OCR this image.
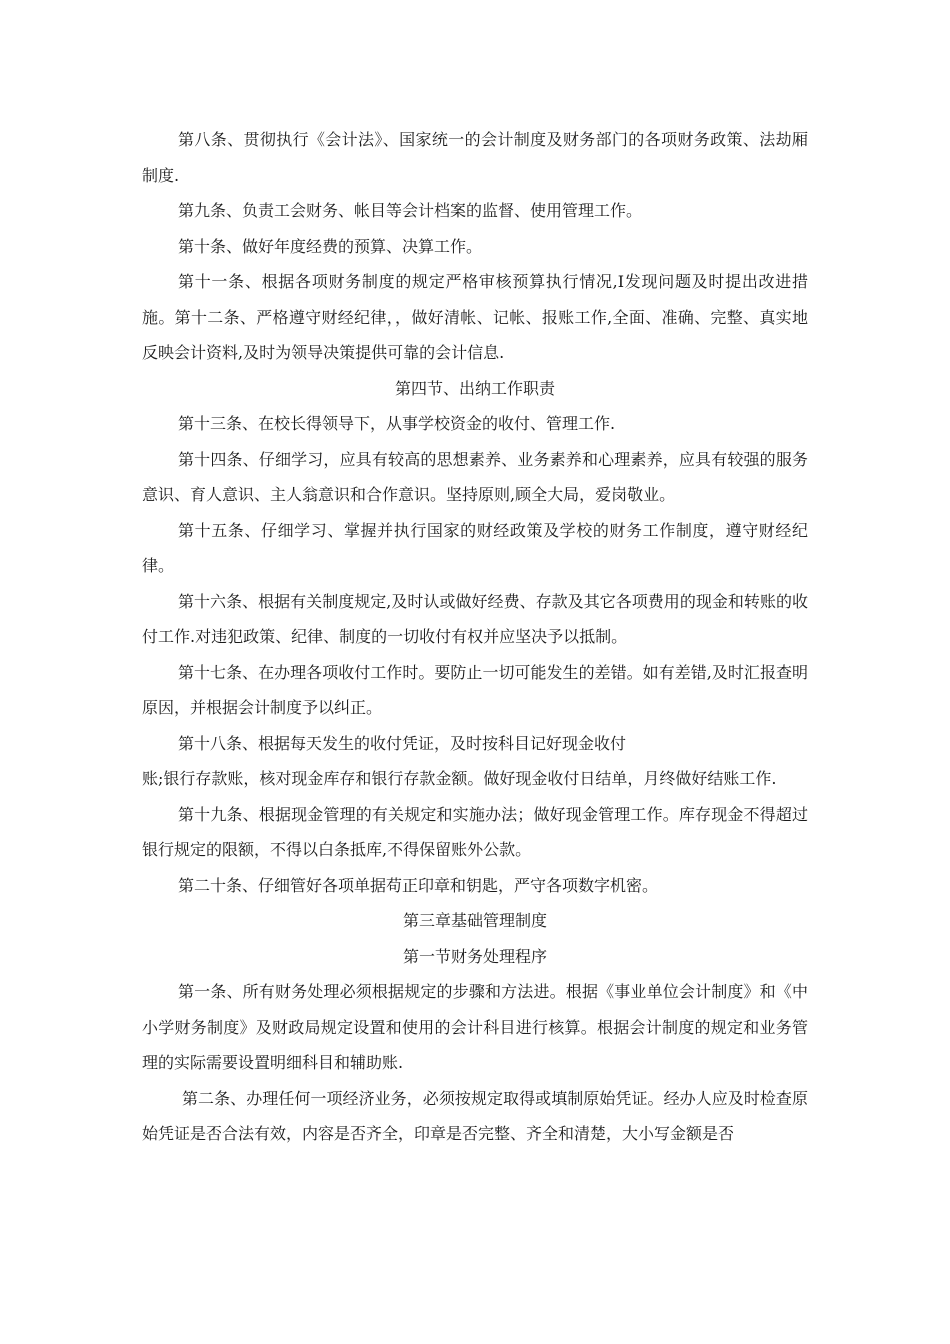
第八条、贯彻执行《会计法》、国家统一的会计制度及财务部门的各项财务政策、法劫厢制度.

第九条、负责工会财务、帐目等会计档案的监督、使用管理工作。

第十条、做好年度经费的预算、决算工作。

第十一条、根据各项财务制度的规定严格审核预算执行情况,I发现问题及时提出改进措施。第十二条、严格遵守财经纪律，，做好清帐、记帐、报账工作,全面、准确、完整、真实地反映会计资料,及时为领导决策提供可靠的会计信息.

第四节、出纳工作职责

第十三条、在校长得领导下，从事学校资金的收付、管理工作.

第十四条、仔细学习，应具有较高的思想素养、业务素养和心理素养，应具有较强的服务意识、育人意识、主人翁意识和合作意识。坚持原则,顾全大局，爱岗敬业。

第十五条、仔细学习、掌握并执行国家的财经政策及学校的财务工作制度，遵守财经纪律。

第十六条、根据有关制度规定,及时认或做好经费、存款及其它各项费用的现金和转账的收付工作.对违犯政策、纪律、制度的一切收付有权并应坚决予以抵制。

第十七条、在办理各项收付工作时。要防止一切可能发生的差错。如有差错,及时汇报查明原因，并根据会计制度予以纠正。

第十八条、根据每天发生的收付凭证，及时按科目记好现金收付

账;银行存款账，核对现金库存和银行存款金额。做好现金收付日结单，月终做好结账工作.

第十九条、根据现金管理的有关规定和实施办法；做好现金管理工作。库存现金不得超过银行规定的限额，不得以白条抵库,不得保留账外公款。

第二十条、仔细管好各项单据苟正印章和钥匙，严守各项数字机密。

第三章基础管理制度

第一节财务处理程序

第一条、所有财务处理必须根据规定的步骤和方法进。根据《事业单位会计制度》和《中小学财务制度》及财政局规定设置和使用的会计科目进行核算。根据会计制度的规定和业务管理的实际需要设置明细科目和辅助账.

第二条、办理任何一项经济业务，必须按规定取得或填制原始凭证。经办人应及时检查原始凭证是否合法有效，内容是否齐全，印章是否完整、齐全和清楚，大小写金额是否
